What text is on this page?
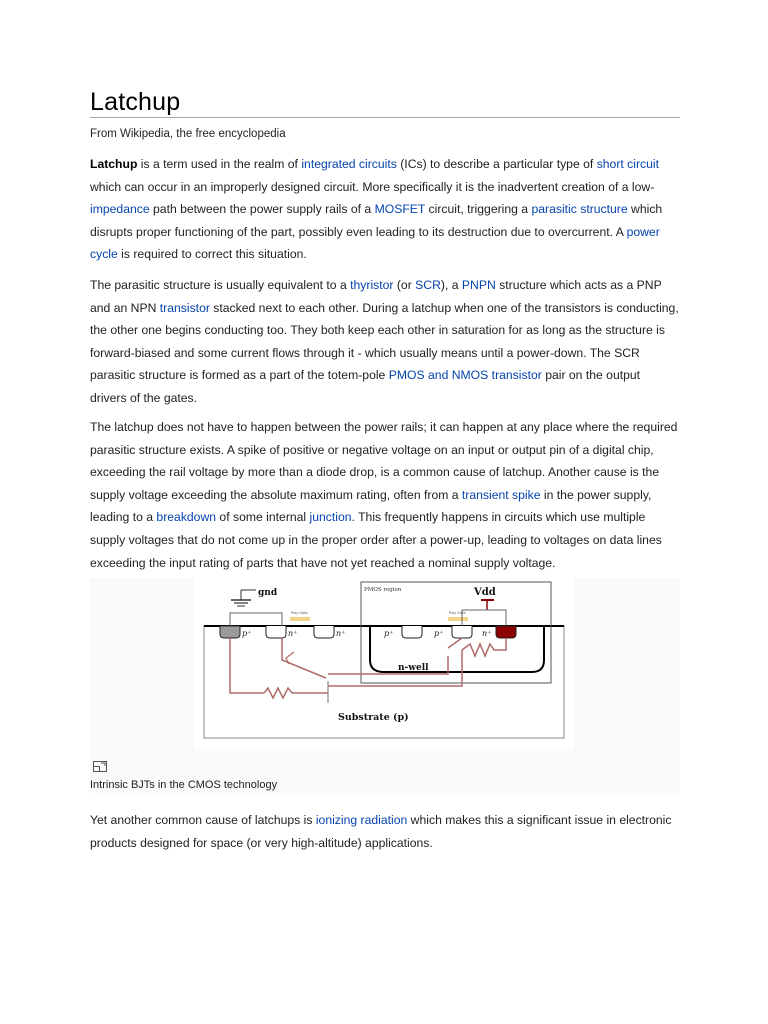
Latchup
From Wikipedia, the free encyclopedia

Latchup is a term used in the realm of integrated circuits (ICs) to describe a particular type of short circuit which can occur in an improperly designed circuit. More specifically it is the inadvertent creation of a low-impedance path between the power supply rails of a MOSFET circuit, triggering a parasitic structure which disrupts proper functioning of the part, possibly even leading to its destruction due to overcurrent. A power cycle is required to correct this situation.

The parasitic structure is usually equivalent to a thyristor (or SCR), a PNPN structure which acts as a PNP and an NPN transistor stacked next to each other. During a latchup when one of the transistors is conducting, the other one begins conducting too. They both keep each other in saturation for as long as the structure is forward-biased and some current flows through it - which usually means until a power-down. The SCR parasitic structure is formed as a part of the totem-pole PMOS and NMOS transistor pair on the output drivers of the gates.

The latchup does not have to happen between the power rails; it can happen at any place where the required parasitic structure exists. A spike of positive or negative voltage on an input or output pin of a digital chip, exceeding the rail voltage by more than a diode drop, is a common cause of latchup. Another cause is the supply voltage exceeding the absolute maximum rating, often from a transient spike in the power supply, leading to a breakdown of some internal junction. This frequently happens in circuits which use multiple supply voltages that do not come up in the proper order after a power-up, leading to voltages on data lines exceeding the input rating of parts that have not yet reached a nominal supply voltage.

PMOS region
n-well
gnd
Poly Gate	Poly Gate
Vdd
p⁺	n⁺	n⁺	p⁺	p⁺	n⁺
Substrate (p)
Intrinsic BJTs in the CMOS technology

Yet another common cause of latchups is ionizing radiation which makes this a significant issue in electronic products designed for space (or very high-altitude) applications.
